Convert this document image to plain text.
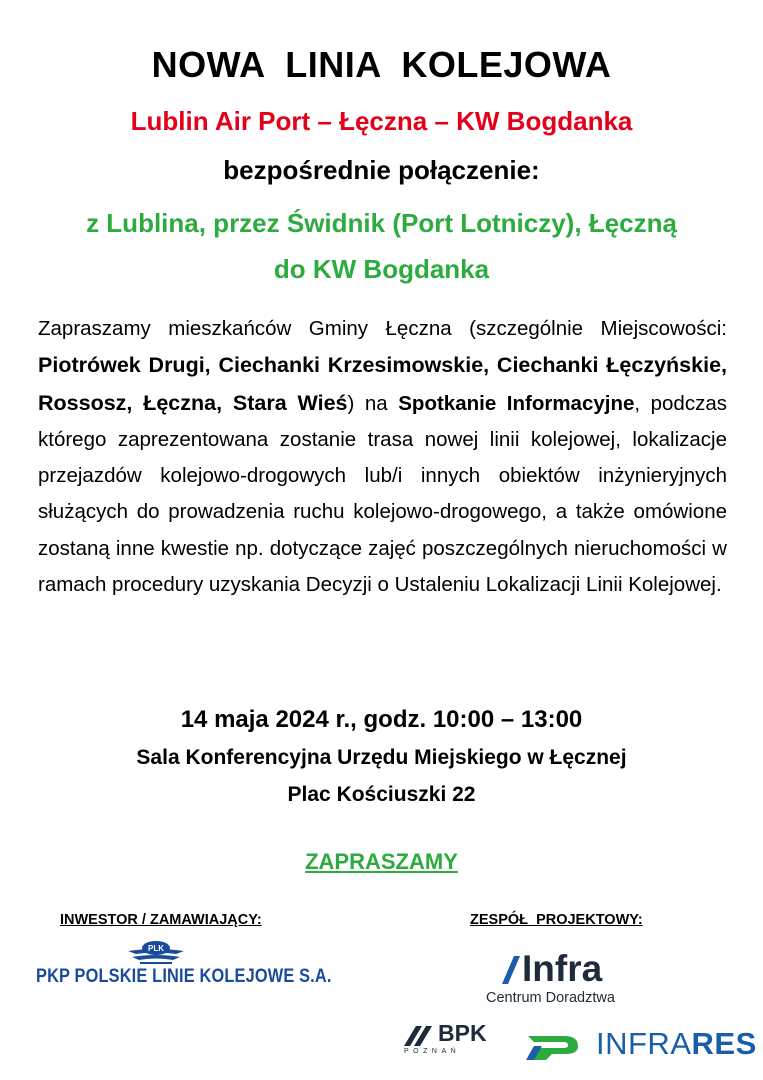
NOWA  LINIA  KOLEJOWA
Lublin Air Port – Łęczna – KW Bogdanka
bezpośrednie połączenie:
z Lublina, przez Świdnik (Port Lotniczy), Łęczną
do KW Bogdanka
Zapraszamy mieszkańców Gminy Łęczna (szczególnie Miejscowości: Piotrówek Drugi, Ciechanki Krzesimowskie, Ciechanki Łęczyńskie, Rossosz, Łęczna, Stara Wieś) na Spotkanie Informacyjne, podczas którego zaprezentowana zostanie trasa nowej linii kolejowej, lokalizacje przejazdów kolejowo-drogowych lub/i innych obiektów inżynieryjnych służących do prowadzenia ruchu kolejowo-drogowego, a także omówione zostaną inne kwestie np. dotyczące zajęć poszczególnych nieruchomości w ramach procedury uzyskania Decyzji o Ustaleniu Lokalizacji Linii Kolejowej.
14 maja 2024 r., godz. 10:00 – 13:00
Sala Konferencyjna Urzędu Miejskiego w Łęcznej
Plac Kościuszki 22
ZAPRASZAMY
INWESTOR / ZAMAWIAJĄCY:	ZESPÓŁ  PROJEKTOWY:
PLK
PKP POLSKIE LINIE KOLEJOWE S.A.	Infra
Centrum Doradztwa
BPK
POZNAŃ	INFRARES
